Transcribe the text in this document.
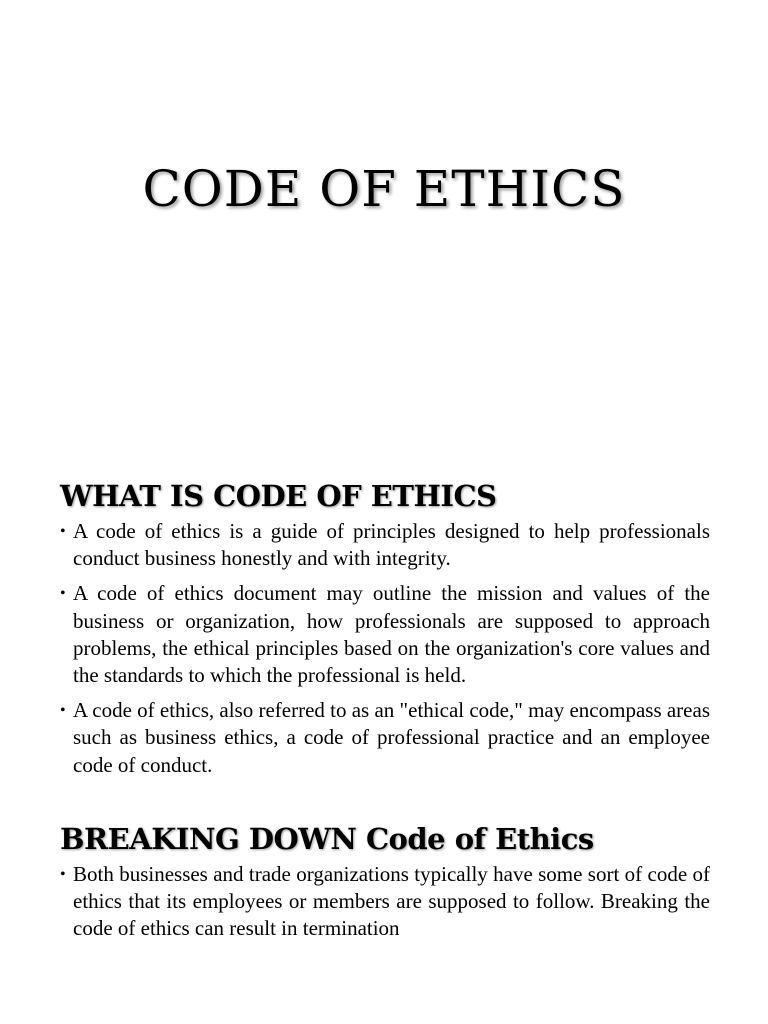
CODE OF ETHICS
WHAT IS CODE OF ETHICS
• A code of ethics is a guide of principles designed to help professionals conduct business honestly and with integrity.
• A code of ethics document may outline the mission and values of the business or organization, how professionals are supposed to approach problems, the ethical principles based on the organization's core values and the standards to which the professional is held.
• A code of ethics, also referred to as an "ethical code," may encompass areas such as business ethics, a code of professional practice and an employee code of conduct.
BREAKING DOWN Code of Ethics
• Both businesses and trade organizations typically have some sort of code of ethics that its employees or members are supposed to follow. Breaking the code of ethics can result in termination
